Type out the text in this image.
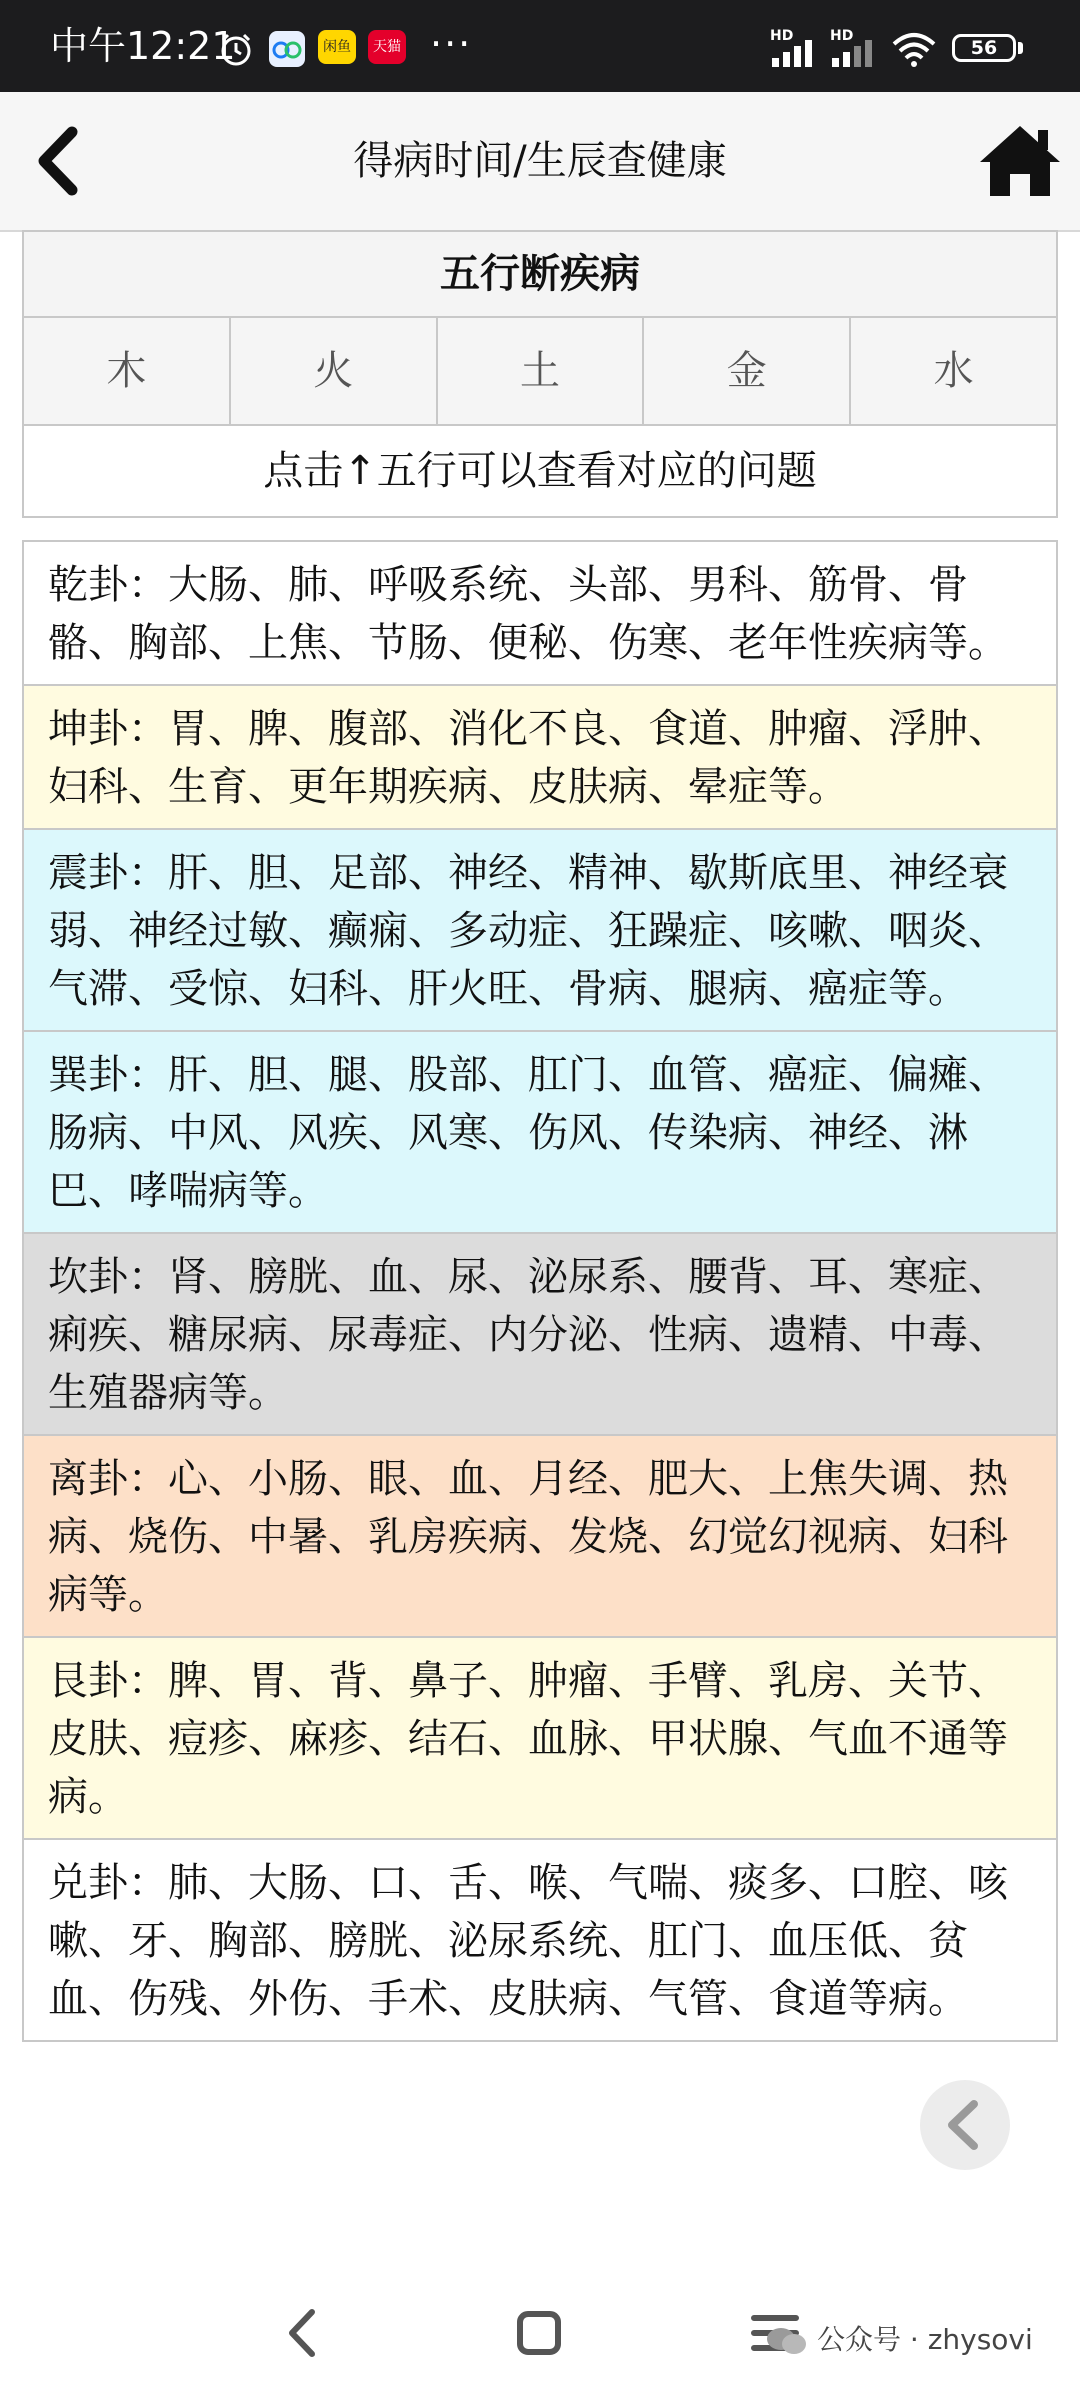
中午12:21	闲鱼	天猫 ···	HD	HD
56
得病时间/生辰查健康
五行断疾病
木	火	土	金	水
点击↑五行可以查看对应的问题
乾卦：大肠、肺、呼吸系统、头部、男科、筋骨、骨骼、胸部、上焦、节肠、便秘、伤寒、老年性疾病等。
坤卦：胃、脾、腹部、消化不良、食道、肿瘤、浮肿、妇科、生育、更年期疾病、皮肤病、晕症等。
震卦：肝、胆、足部、神经、精神、歇斯底里、神经衰弱、神经过敏、癫痫、多动症、狂躁症、咳嗽、咽炎、气滞、受惊、妇科、肝火旺、骨病、腿病、癌症等。
巽卦：肝、胆、腿、股部、肛门、血管、癌症、偏瘫、肠病、中风、风疾、风寒、伤风、传染病、神经、淋巴、哮喘病等。
坎卦：肾、膀胱、血、尿、泌尿系、腰背、耳、寒症、痢疾、糖尿病、尿毒症、内分泌、性病、遗精、中毒、生殖器病等。
离卦：心、小肠、眼、血、月经、肥大、上焦失调、热病、烧伤、中暑、乳房疾病、发烧、幻觉幻视病、妇科病等。
艮卦：脾、胃、背、鼻子、肿瘤、手臂、乳房、关节、皮肤、痘疹、麻疹、结石、血脉、甲状腺、气血不通等病。
兑卦：肺、大肠、口、舌、喉、气喘、痰多、口腔、咳嗽、牙、胸部、膀胱、泌尿系统、肛门、血压低、贫血、伤残、外伤、手术、皮肤病、气管、食道等病。
公众号 · zhysovi
